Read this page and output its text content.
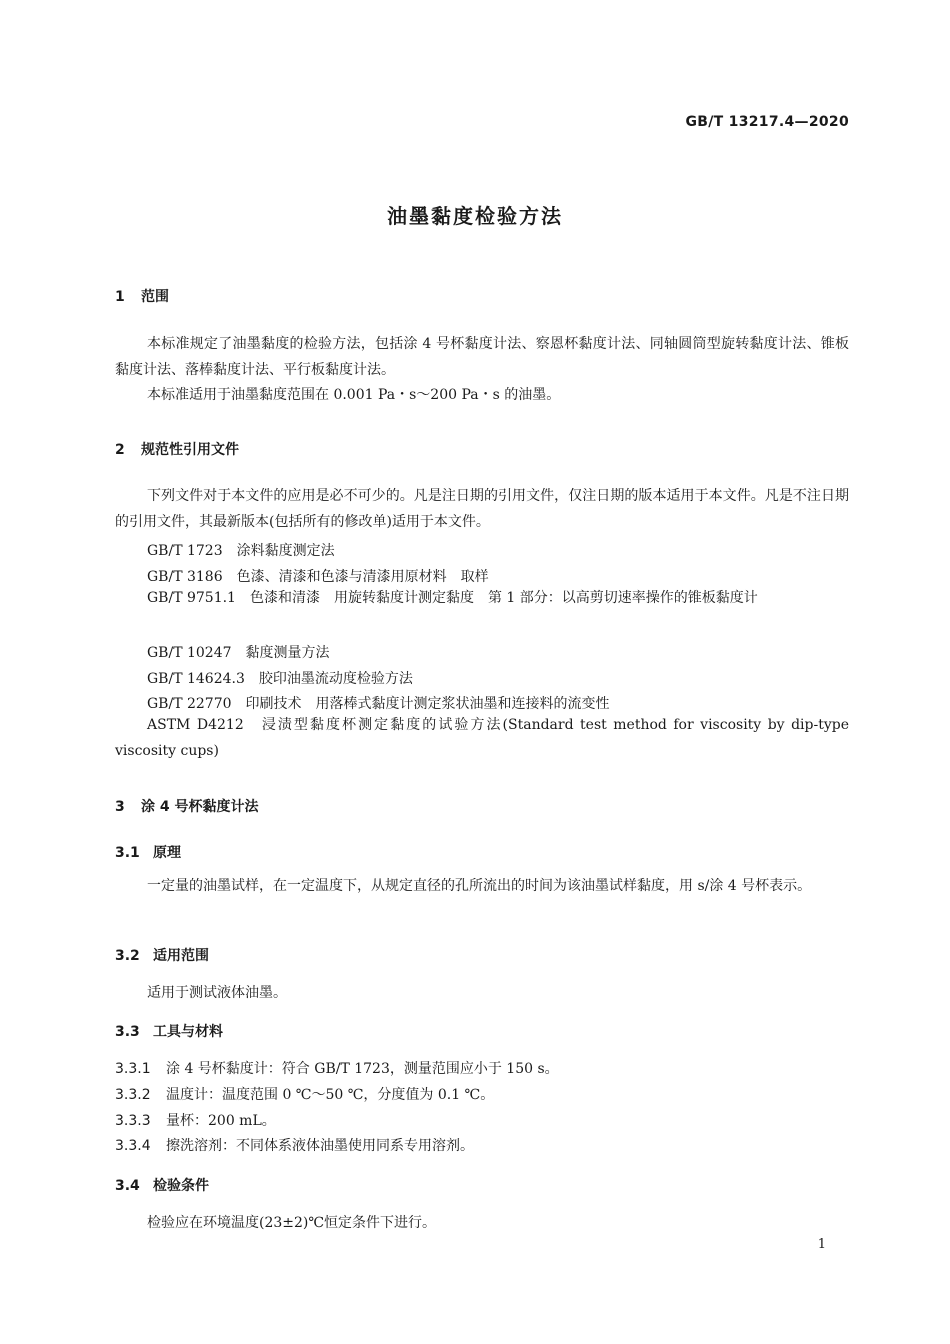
GB/T 13217.4—2020
油墨黏度检验方法
1 范围
本标准规定了油墨黏度的检验方法，包括涂 4 号杯黏度计法、察恩杯黏度计法、同轴圆筒型旋转黏度计法、锥板黏度计法、落棒黏度计法、平行板黏度计法。
本标准适用于油墨黏度范围在 0.001 Pa・s～200 Pa・s 的油墨。
2 规范性引用文件
下列文件对于本文件的应用是必不可少的。凡是注日期的引用文件，仅注日期的版本适用于本文件。凡是不注日期的引用文件，其最新版本(包括所有的修改单)适用于本文件。
GB/T 1723　涂料黏度测定法
GB/T 3186　色漆、清漆和色漆与清漆用原材料　取样
GB/T 9751.1　色漆和清漆　用旋转黏度计测定黏度　第 1 部分：以高剪切速率操作的锥板黏度计
GB/T 10247　黏度测量方法
GB/T 14624.3　胶印油墨流动度检验方法
GB/T 22770　印刷技术　用落棒式黏度计测定浆状油墨和连接料的流变性
ASTM D4212　浸渍型黏度杯测定黏度的试验方法(Standard test method for viscosity by dip-type viscosity cups)
3 涂 4 号杯黏度计法
3.1 原理
一定量的油墨试样，在一定温度下，从规定直径的孔所流出的时间为该油墨试样黏度，用 s/涂 4 号杯表示。
3.2 适用范围
适用于测试液体油墨。
3.3 工具与材料
3.3.1 涂 4 号杯黏度计：符合 GB/T 1723，测量范围应小于 150 s。
3.3.2 温度计：温度范围 0 ℃～50 ℃，分度值为 0.1 ℃。
3.3.3 量杯：200 mL。
3.3.4 擦洗溶剂：不同体系液体油墨使用同系专用溶剂。
3.4 检验条件
检验应在环境温度(23±2)℃恒定条件下进行。
1
